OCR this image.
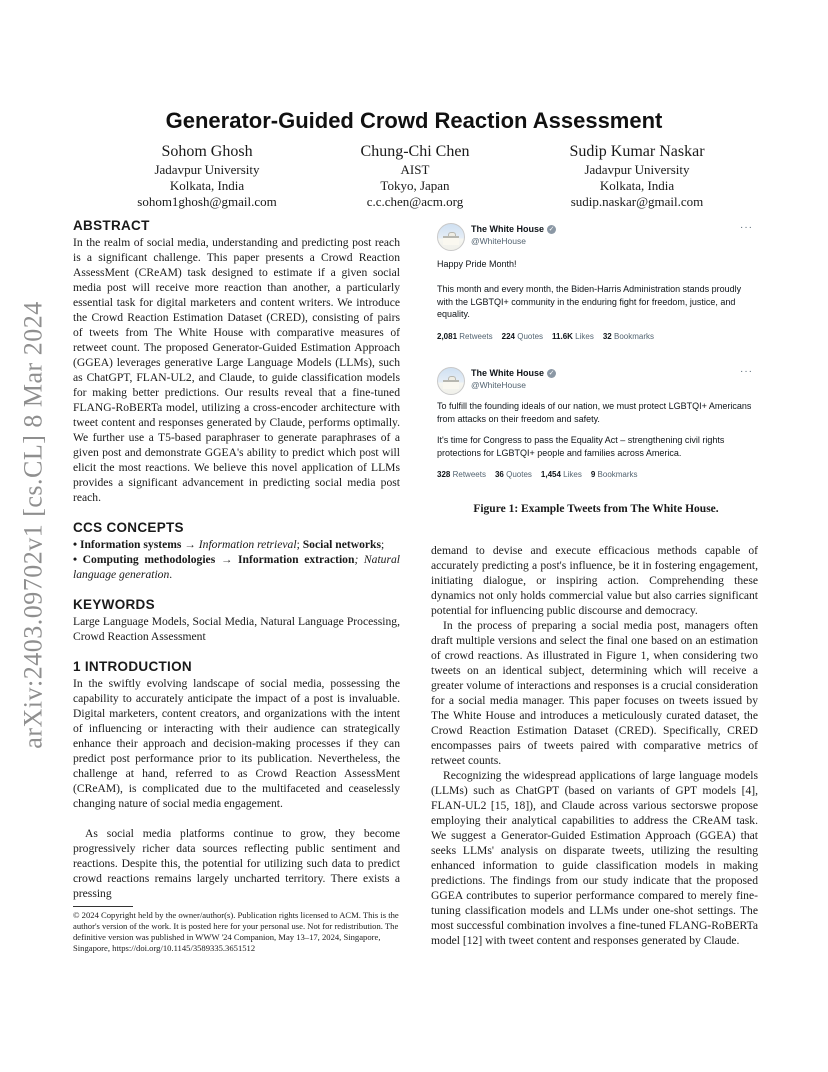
arXiv:2403.09702v1 [cs.CL] 8 Mar 2024
Generator-Guided Crowd Reaction Assessment
Sohom Ghosh
Jadavpur University
Kolkata, India
sohom1ghosh@gmail.com
Chung-Chi Chen
AIST
Tokyo, Japan
c.c.chen@acm.org
Sudip Kumar Naskar
Jadavpur University
Kolkata, India
sudip.naskar@gmail.com
ABSTRACT

In the realm of social media, understanding and predicting post reach is a significant challenge. This paper presents a Crowd Reaction AssessMent (CReAM) task designed to estimate if a given social media post will receive more reaction than another, a particularly essential task for digital marketers and content writers. We introduce the Crowd Reaction Estimation Dataset (CRED), consisting of pairs of tweets from The White House with comparative measures of retweet count. The proposed Generator-Guided Estimation Approach (GGEA) leverages generative Large Language Models (LLMs), such as ChatGPT, FLAN-UL2, and Claude, to guide classification models for making better predictions. Our results reveal that a fine-tuned FLANG-RoBERTa model, utilizing a cross-encoder architecture with tweet content and responses generated by Claude, performs optimally. We further use a T5-based paraphraser to generate paraphrases of a given post and demonstrate GGEA's ability to predict which post will elicit the most reactions. We believe this novel application of LLMs provides a significant advancement in predicting social media post reach.

CCS CONCEPTS

• Information systems → Information retrieval; Social networks;
• Computing methodologies → Information extraction; Natural language generation.

KEYWORDS

Large Language Models, Social Media, Natural Language Processing, Crowd Reaction Assessment

1 INTRODUCTION

In the swiftly evolving landscape of social media, possessing the capability to accurately anticipate the impact of a post is invaluable. Digital marketers, content creators, and organizations with the intent of influencing or interacting with their audience can strategically enhance their approach and decision-making processes if they can predict post performance prior to its publication. Nevertheless, the challenge at hand, referred to as Crowd Reaction AssessMent (CReAM), is complicated due to the multifaceted and ceaselessly changing nature of social media engagement.

As social media platforms continue to grow, they become progressively richer data sources reflecting public sentiment and reactions. Despite this, the potential for utilizing such data to predict crowd reactions remains largely uncharted territory. There exists a pressing

© 2024 Copyright held by the owner/author(s). Publication rights licensed to ACM. This is the author's version of the work. It is posted here for your personal use. Not for redistribution. The definitive version was published in WWW '24 Companion, May 13–17, 2024, Singapore, Singapore, https://doi.org/10.1145/3589335.3651512
The White House ✓
@WhiteHouse
···
Happy Pride Month!
This month and every month, the Biden-Harris Administration stands proudly with the LGBTQI+ community in the enduring fight for freedom, justice, and equality.
2,081 Retweets 224 Quotes 11.6K Likes 32 Bookmarks
The White House ✓
@WhiteHouse
···
To fulfill the founding ideals of our nation, we must protect LGBTQI+ Americans from attacks on their freedom and safety.
It's time for Congress to pass the Equality Act – strengthening civil rights protections for LGBTQI+ people and families across America.
328 Retweets 36 Quotes 1,454 Likes 9 Bookmarks
Figure 1: Example Tweets from The White House.

demand to devise and execute efficacious methods capable of accurately predicting a post's influence, be it in fostering engagement, initiating dialogue, or inspiring action. Comprehending these dynamics not only holds commercial value but also carries significant potential for influencing public discourse and democracy.

In the process of preparing a social media post, managers often draft multiple versions and select the final one based on an estimation of crowd reactions. As illustrated in Figure 1, when considering two tweets on an identical subject, determining which will receive a greater volume of interactions and responses is a crucial consideration for a social media manager. This paper focuses on tweets issued by The White House and introduces a meticulously curated dataset, the Crowd Reaction Estimation Dataset (CRED). Specifically, CRED encompasses pairs of tweets paired with comparative metrics of retweet counts.

Recognizing the widespread applications of large language models (LLMs) such as ChatGPT (based on variants of GPT models [4], FLAN-UL2 [15, 18]), and Claude across various sectorswe propose employing their analytical capabilities to address the CReAM task. We suggest a Generator-Guided Estimation Approach (GGEA) that seeks LLMs' analysis on disparate tweets, utilizing the resulting enhanced information to guide classification models in making predictions. The findings from our study indicate that the proposed GGEA contributes to superior performance compared to merely fine-tuning classification models and LLMs under one-shot settings. The most successful combination involves a fine-tuned FLANG-RoBERTa model [12] with tweet content and responses generated by Claude.
